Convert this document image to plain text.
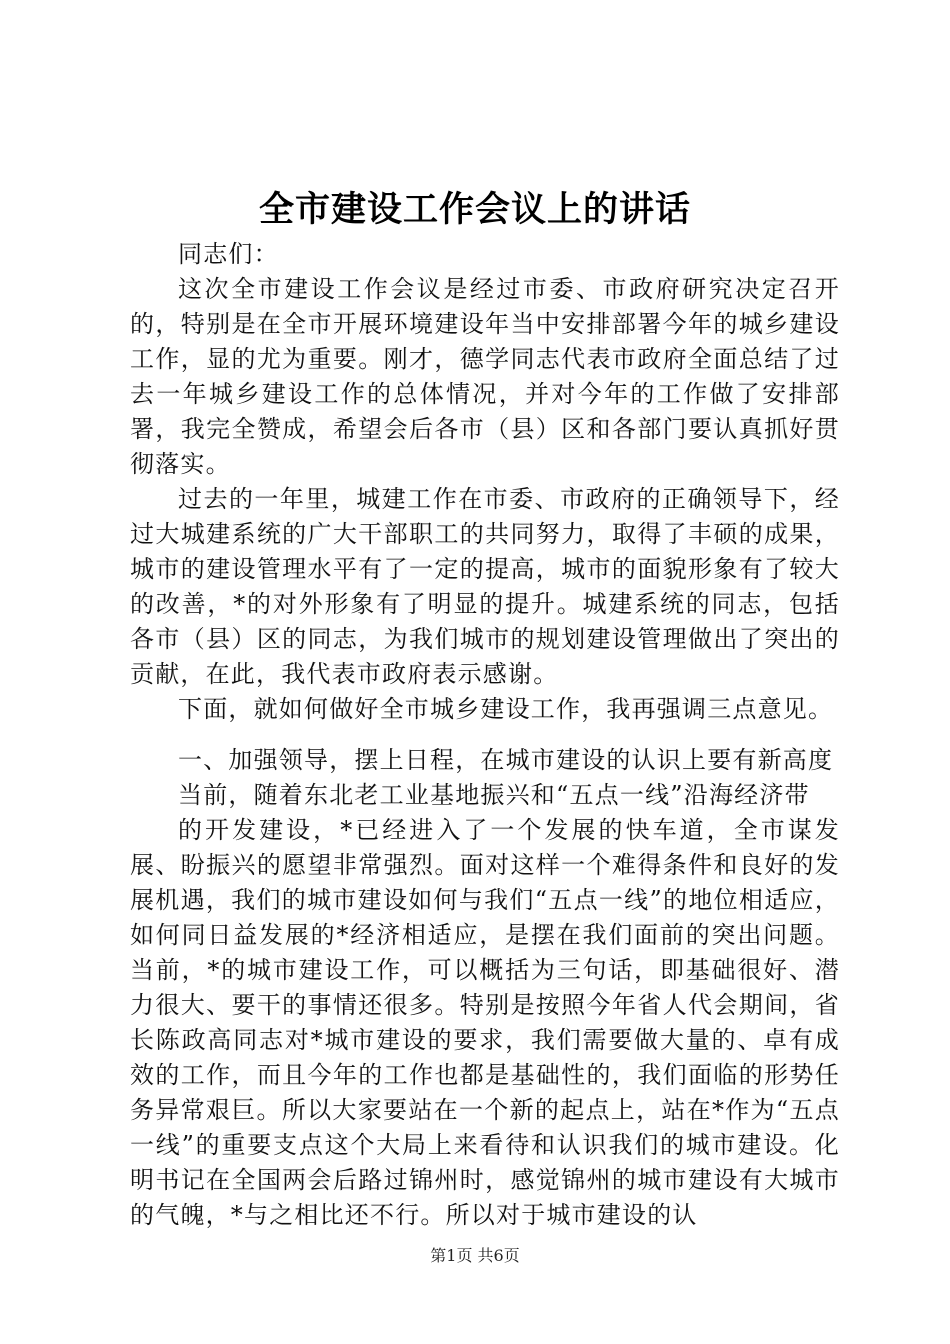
全市建设工作会议上的讲话

同志们：

这次全市建设工作会议是经过市委、市政府研究决定召开的，特别是在全市开展环境建设年当中安排部署今年的城乡建设工作，显的尤为重要。刚才，德学同志代表市政府全面总结了过去一年城乡建设工作的总体情况，并对今年的工作做了安排部署，我完全赞成，希望会后各市（县）区和各部门要认真抓好贯彻落实。

过去的一年里，城建工作在市委、市政府的正确领导下，经过大城建系统的广大干部职工的共同努力，取得了丰硕的成果，城市的建设管理水平有了一定的提高，城市的面貌形象有了较大的改善，*的对外形象有了明显的提升。城建系统的同志，包括各市（县）区的同志，为我们城市的规划建设管理做出了突出的贡献，在此，我代表市政府表示感谢。

下面，就如何做好全市城乡建设工作，我再强调三点意见。

一、加强领导，摆上日程，在城市建设的认识上要有新高度

当前，随着东北老工业基地振兴和“五点一线”沿海经济带

的开发建设，*已经进入了一个发展的快车道，全市谋发展、盼振兴的愿望非常强烈。面对这样一个难得条件和良好的发展机遇，我们的城市建设如何与我们“五点一线”的地位相适应，如何同日益发展的*经济相适应，是摆在我们面前的突出问题。当前，*的城市建设工作，可以概括为三句话，即基础很好、潜力很大、要干的事情还很多。特别是按照今年省人代会期间，省长陈政高同志对*城市建设的要求，我们需要做大量的、卓有成效的工作，而且今年的工作也都是基础性的，我们面临的形势任务异常艰巨。所以大家要站在一个新的起点上，站在*作为“五点一线”的重要支点这个大局上来看待和认识我们的城市建设。化明书记在全国两会后路过锦州时，感觉锦州的城市建设有大城市的气魄，*与之相比还不行。所以对于城市建设的认

第1页 共6页
